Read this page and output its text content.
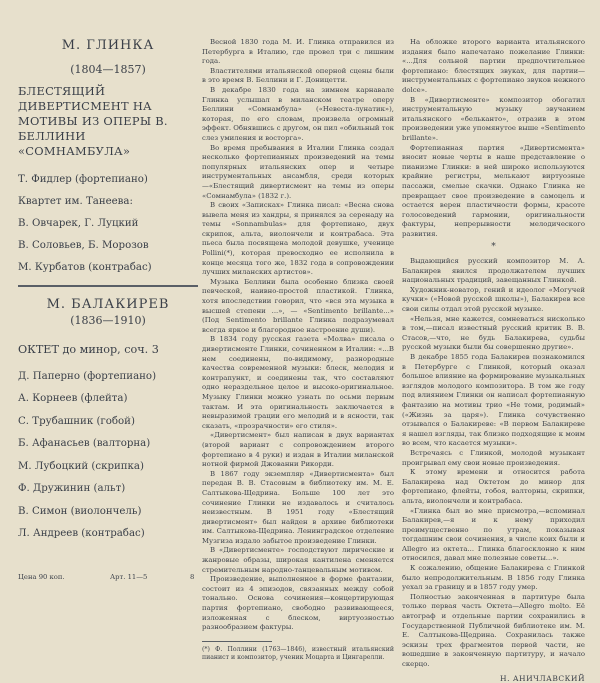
М. ГЛИНКА

(1804—1857)

БЛЕСТЯЩИЙ ДИВЕРТИСМЕНТ НА МОТИВЫ ИЗ ОПЕРЫ В. БЕЛЛИНИ «СОМНАМБУЛА»

Т. Фидлер (фортепиано)
Квартет им. Танеева:
В. Овчарек, Г. Луцкий
В. Соловьев, Б. Морозов
М. Курбатов (контрабас)

М. БАЛАКИРЕВ

(1836—1910)

ОКТЕТ до минор, соч. 3
Д. Паперно (фортепиано)
А. Корнеев (флейта)
С. Трубашник (гобой)
Б. Афанасьев (валторна)
М. Лубоцкий (скрипка)
Ф. Дружинин (альт)
В. Симон (виолончель)
Л. Андреев (контрабас)

Весной 1830 года М. И. Глинка отправился из Петербурга в Италию, где провел три с лишним года.

Властителями итальянской оперной сцены были в это время В. Беллини и Г. Доницетти.

В декабре 1830 года на зимнем карнавале Глинка услышал в миланском театре оперу Беллини «Сомнамбула» («Невеста-лунатик»), которая, по его словам, произвела огромный эффект. Обнявшись с другом, он пил «обильный ток слез умиления и восторга».

Во время пребывания в Италии Глинка создал несколько фортепианных произведений на темы популярных итальянских опер и четыре инструментальных ансамбля, среди которых—«Блестящий дивертисмент на темы из оперы «Сомнамбула» (1832 г.).

В своих «Записках» Глинка писал: «Весна снова вывела меня из хандры, я принялся за серенаду на темы «Sonnambulas» для фортепиано, двух скрипок, альта, виолончели и контрабаса. Эта пьеса была посвящена молодой девушке, ученице Pollini(*), которая превосходно ее исполнила в конце месяца того же, 1832 года в сопровождении лучших миланских артистов».

Музыка Беллини была особенно близка своей певческой, наивно-простой пластикой. Глинка, хотя впоследствии говорил, что «вся эта музыка в высшей степени ...», — «Sentimento brillante...» (Под Sentimento brillante Глинка подразумевал всегда яркое и благородное настроение души).

В 1834 году русская газета «Молва» писала о дивертисменте Глинки, сочиненном в Италии: «...В нем соединены, по-видимому, разнородные качества современной музыки: блеск, мелодия и контрапункт, и соединены так, что составляют одно нераздельное целое и высоко-оригинальное. Музыку Глинки можно узнать по осьми первым тактам. И эта оригинальность заключается в невыразимой грации его мелодий и в ясности, так сказать, «прозрачности» его стиля».

«Дивертисмент» был написан в двух вариантах (второй вариант с сопровождением второго фортепиано в 4 руки) и издан в Италии миланской нотной фирмой Джованни Рикорди.

В 1867 году экземпляр «Дивертисмента» был передан В. В. Стасовым в библиотеку им. М. Е. Салтыкова-Щедрина. Больше 100 лет это сочинение Глинки не издавалось и считалось неизвестным. В 1951 году «Блестящий дивертисмент» был найден в архиве библиотеки им. Салтыкова-Щедрина. Ленинградское отделение Музгиза издало забытое произведение Глинки.

В «Дивертисменте» господствуют лирические и жанровые образы, широкая кантилена сменяется стремительным народно-танцевальным мотивом.

Произведение, выполненное в форме фантазии, состоит из 4 эпизодов, связанных между собой тонально. Основа сочинения—концертирующая партия фортепиано, свободно развивающееся, изложенная с блеском, виртуозностью разнообразием фактуры.

(*) Ф. Поллини (1763—1846), известный итальянский пианист и композитор, ученик Моцарта и Цингарелли.

На обложке второго варианта итальянского издания было напечатано пожелание Глинки: «...Для сольной партии предпочтительнее фортепиано: блестящих звуках, для партии—инструментальных с фортепиано звуков нежного dolce».

В «Дивертисменте» композитор обогатил инструментальную музыку звучанием итальянского «бельканто», отразив в этом произведении уже упомянутое выше «Sentimento brillante».

Фортепианная партия «Дивертисмента» вносит новые черты в наше представление о пианизме Глинки: в ней широко используются крайние регистры, мелькают виртуозные пассажи, смелые скачки. Однако Глинка не превращает свое произведение в самоцель и остается верен пластичности формы, красоте голосоведений гармонии, оригинальности фактуры, непрерывности мелодического развития.

*

Выдающийся русский композитор М. А. Балакирев явился продолжателем лучших национальных традиций, завещанных Глинкой.

Художник-новатор, гений и идеолог «Могучей кучки» («Новой русской школы»), Балакирев все свои силы отдал этой русской музыке.

«Нельзя, мне кажется, сомневаться нисколько в том,—писал известный русский критик В. В. Стасов,—что, не будь Балакирева, судьбы русской музыки были бы совершенно другие».

В декабре 1855 года Балакирев познакомился в Петербурге с Глинкой, который оказал большое влияние на формирование музыкальных взглядов молодого композитора. В том же году под влиянием Глинки он написал фортепианную фантазию на мотивы трио «Не томи, родимый» («Жизнь за царя»). Глинка сочувственно отзывался о Балакиреве: «В первом Балакиреве я нашел взгляды, так близко подходящие к моим во всем, что касается музыки».

Встречаясь с Глинкой, молодой музыкант проигрывал ему свои новые произведения.

К этому времени и относится работа Балакирева над Октетом до минор для фортепиано, флейты, гобоя, валторны, скрипки, альта, виолончели и контрабаса.

«Глинка был во мне присмотра,—вспоминал Балакирев,—я и к нему приходил преимущественно по утрам, показывая тогдашним свои сочинения, в числе коих были и Allegro из октета... Глинка благосклонно к ним относился, давал мне полезные советы...».

К сожалению, общение Балакирева с Глинкой было непродолжительным. В 1856 году Глинка уехал за границу и в 1857 году умер.

Полностью законченная в партитуре была только первая часть Октета—Allegro molto. Её автограф и отдельные партии сохранились в Государственной Публичной библиотеке им. М. Е. Салтыкова-Щедрина. Сохранилась также эскизы трех фрагментов первой части, не вошедшие в законченную партитуру, и начало скерцо.

Н. АНИЧЛАВСКИЙ
Цена 90 коп.	Арт. 11—5	8
